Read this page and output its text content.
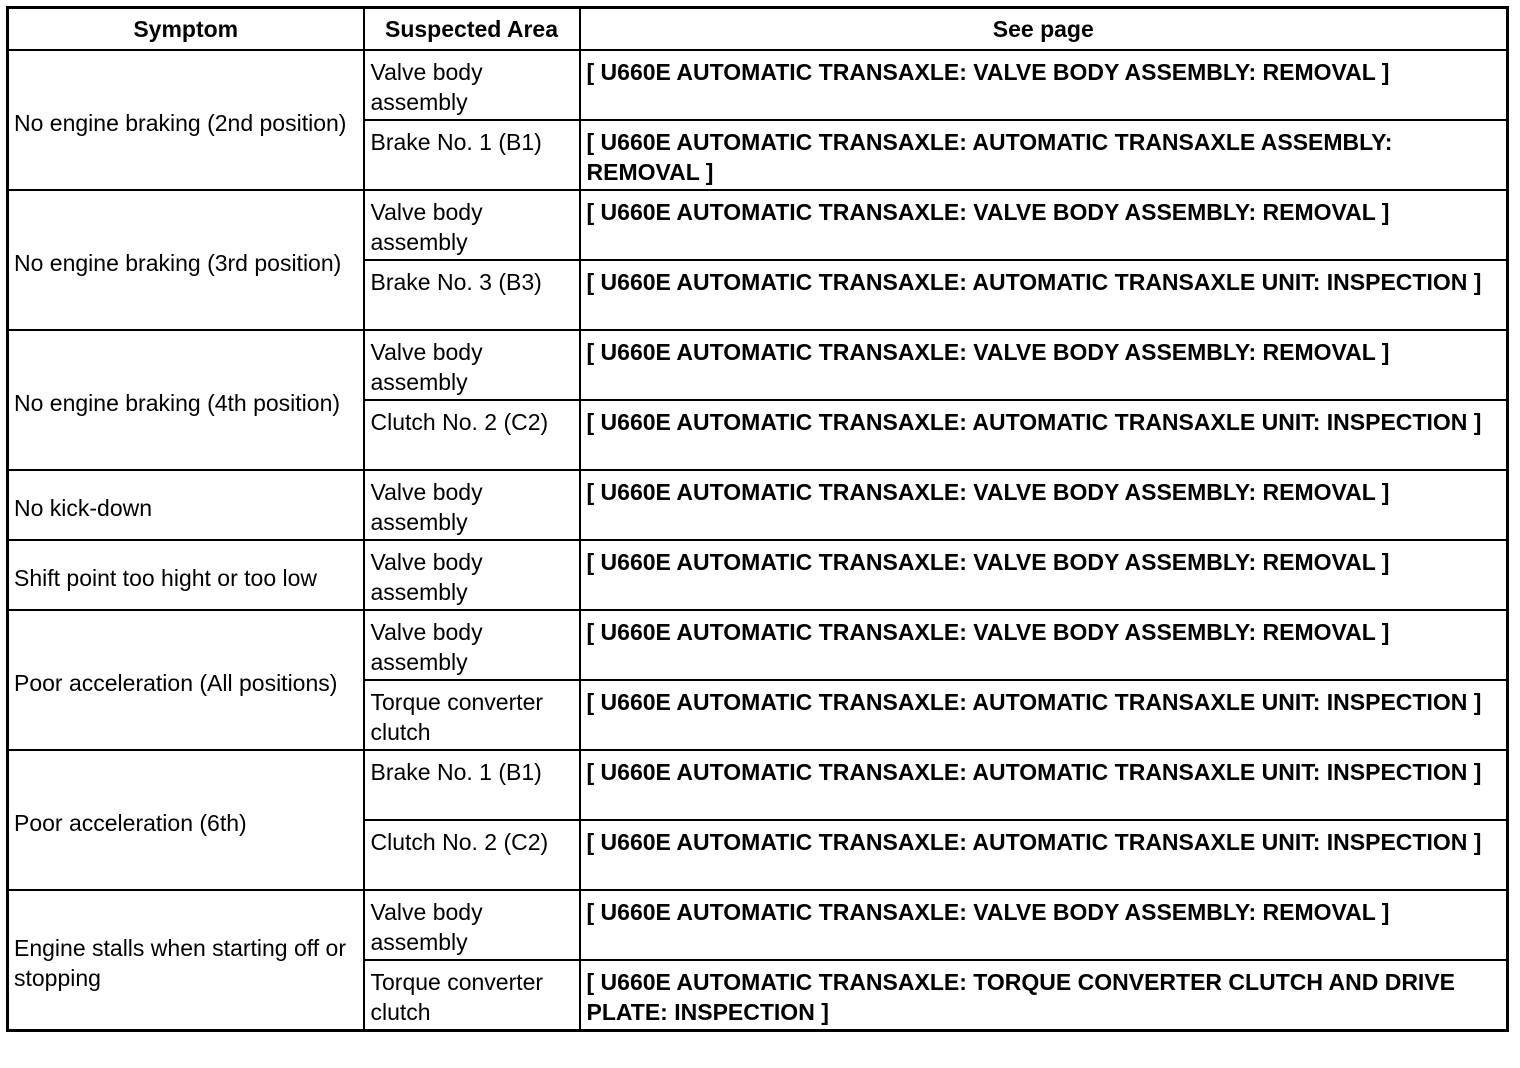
Symptom	Suspected Area	See page
No engine braking (2nd position)	Valve body assembly	[ U660E AUTOMATIC TRANSAXLE: VALVE BODY ASSEMBLY: REMOVAL ]
	Brake No. 1 (B1)	[ U660E AUTOMATIC TRANSAXLE: AUTOMATIC TRANSAXLE ASSEMBLY: REMOVAL ]
No engine braking (3rd position)	Valve body assembly	[ U660E AUTOMATIC TRANSAXLE: VALVE BODY ASSEMBLY: REMOVAL ]
	Brake No. 3 (B3)	[ U660E AUTOMATIC TRANSAXLE: AUTOMATIC TRANSAXLE UNIT: INSPECTION ]
No engine braking (4th position)	Valve body assembly	[ U660E AUTOMATIC TRANSAXLE: VALVE BODY ASSEMBLY: REMOVAL ]
	Clutch No. 2 (C2)	[ U660E AUTOMATIC TRANSAXLE: AUTOMATIC TRANSAXLE UNIT: INSPECTION ]
No kick-down	Valve body assembly	[ U660E AUTOMATIC TRANSAXLE: VALVE BODY ASSEMBLY: REMOVAL ]
Shift point too hight or too low	Valve body assembly	[ U660E AUTOMATIC TRANSAXLE: VALVE BODY ASSEMBLY: REMOVAL ]
Poor acceleration (All positions)	Valve body assembly	[ U660E AUTOMATIC TRANSAXLE: VALVE BODY ASSEMBLY: REMOVAL ]
	Torque converter clutch	[ U660E AUTOMATIC TRANSAXLE: AUTOMATIC TRANSAXLE UNIT: INSPECTION ]
Poor acceleration (6th)	Brake No. 1 (B1)	[ U660E AUTOMATIC TRANSAXLE: AUTOMATIC TRANSAXLE UNIT: INSPECTION ]
	Clutch No. 2 (C2)	[ U660E AUTOMATIC TRANSAXLE: AUTOMATIC TRANSAXLE UNIT: INSPECTION ]
Engine stalls when starting off or stopping	Valve body assembly	[ U660E AUTOMATIC TRANSAXLE: VALVE BODY ASSEMBLY: REMOVAL ]
	Torque converter clutch	[ U660E AUTOMATIC TRANSAXLE: TORQUE CONVERTER CLUTCH AND DRIVE PLATE: INSPECTION ]
